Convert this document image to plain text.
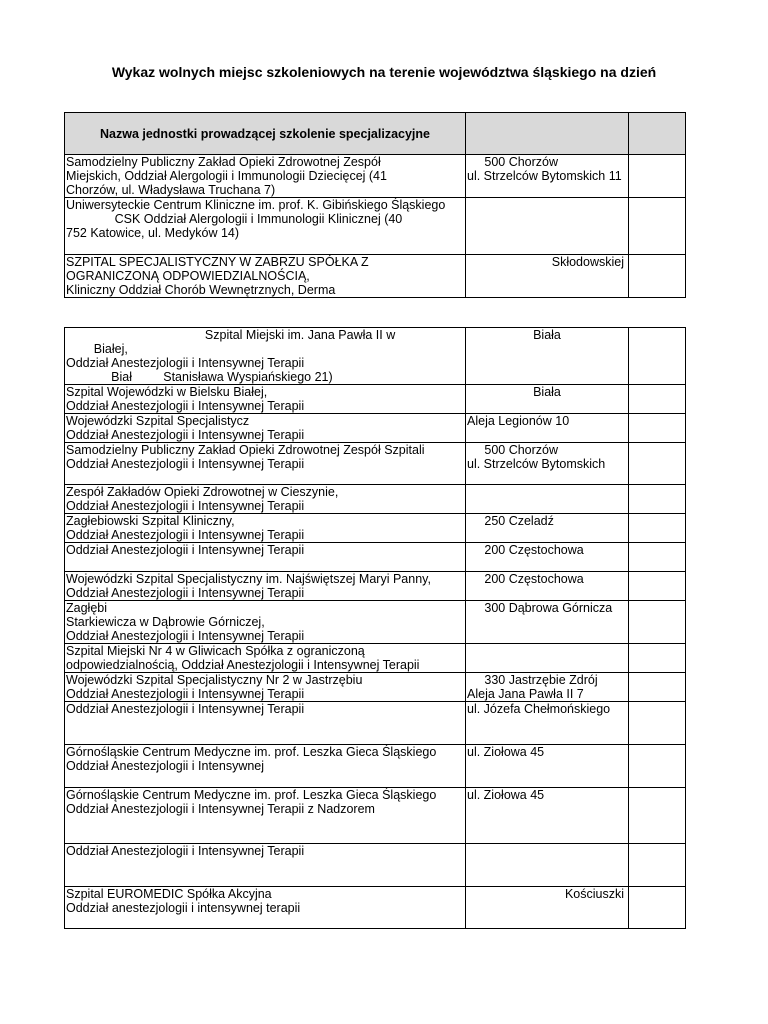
Wykaz wolnych miejsc szkoleniowych na terenie województwa śląskiego na dzień
Nazwa jednostki prowadzącej szkolenie specjalizacyjne		

Samodzielny Publiczny Zakład Opieki Zdrowotnej Zespół
Miejskich, Oddział Alergologii i Immunologii Dziecięcej (41
Chorzów, ul. Władysława Truchana 7)	500 Chorzów
ul. Strzelców Bytomskich 11	

Uniwersyteckie Centrum Kliniczne im. prof. K. Gibińskiego Śląskiego
CSK Oddział Alergologii i Immunologii Klinicznej (40
752 Katowice, ul. Medyków 14)		

SZPITAL SPECJALISTYCZNY W ZABRZU SPÓŁKA Z
OGRANICZONĄ ODPOWIEDZIALNOŚCIĄ,
Kliniczny Oddział Chorób Wewnętrznych, Derma	Skłodowskiej	

Szpital Miejski im. Jana Pawła II w
Białej,
Oddział Anestezjologii i Intensywnej Terapii
Biał         Stanisława Wyspiańskiego 21)	Biała	

Szpital Wojewódzki w Bielsku Białej,
Oddział Anestezjologii i Intensywnej Terapii	Biała	

Wojewódzki Szpital Specjalistycz
Oddział Anestezjologii i Intensywnej Terapii	Aleja Legionów 10	

Samodzielny Publiczny Zakład Opieki Zdrowotnej Zespół Szpitali
Oddział Anestezjologii i Intensywnej Terapii	500 Chorzów
ul. Strzelców Bytomskich	

Zespół Zakładów Opieki Zdrowotnej w Cieszynie,
Oddział Anestezjologii i Intensywnej Terapii		

Zagłebiowski Szpital Kliniczny,
Oddział Anestezjologii i Intensywnej Terapii	250 Czeladź	

Oddział Anestezjologii i Intensywnej Terapii	200 Częstochowa	

Wojewódzki Szpital Specjalistyczny im. Najświętszej Maryi Panny,
Oddział Anestezjologii i Intensywnej Terapii	200 Częstochowa	

Zagłębi
Starkiewicza w Dąbrowie Górniczej,
Oddział Anestezjologii i Intensywnej Terapii	300 Dąbrowa Górnicza	

Szpital Miejski Nr 4 w Gliwicach Spółka z ograniczoną
odpowiedzialnością, Oddział Anestezjologii i Intensywnej Terapii		

Wojewódzki Szpital Specjalistyczny Nr 2 w Jastrzębiu
Oddział Anestezjologii i Intensywnej Terapii	330 Jastrzębie Zdrój
Aleja Jana Pawła II 7	

Oddział Anestezjologii i Intensywnej Terapii	ul. Józefa Chełmońskiego	

Górnośląskie Centrum Medyczne im. prof. Leszka Gieca Śląskiego
Oddział Anestezjologii i Intensywnej	ul. Ziołowa 45	

Górnośląskie Centrum Medyczne im. prof. Leszka Gieca Śląskiego
Oddział Anestezjologii i Intensywnej Terapii z Nadzorem	ul. Ziołowa 45	

Oddział Anestezjologii i Intensywnej Terapii		

Szpital EUROMEDIC Spółka Akcyjna
Oddział anestezjologii i intensywnej terapii	Kościuszki	
